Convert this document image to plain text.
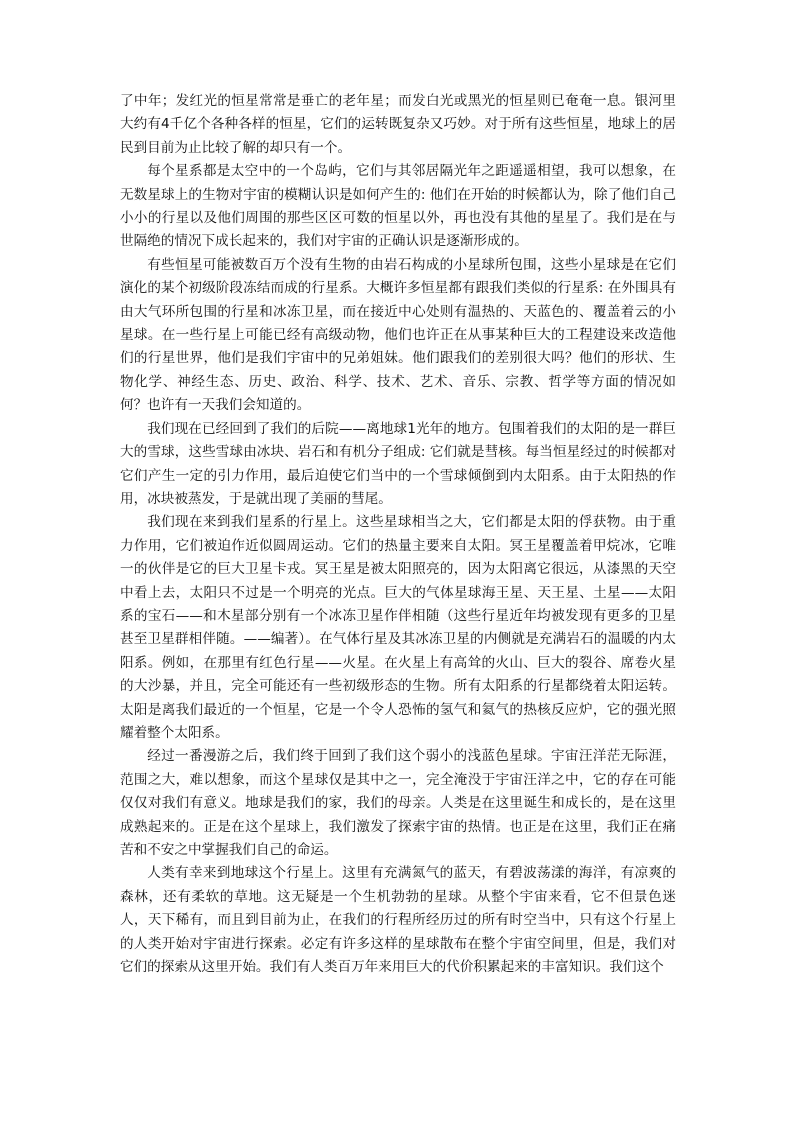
了中年；发红光的恒星常常是垂亡的老年星；而发白光或黑光的恒星则已奄奄一息。银河里大约有4千亿个各种各样的恒星，它们的运转既复杂又巧妙。对于所有这些恒星，地球上的居民到目前为止比较了解的却只有一个。

每个星系都是太空中的一个岛屿，它们与其邻居隔光年之距遥遥相望，我可以想象，在无数星球上的生物对宇宙的模糊认识是如何产生的: 他们在开始的时候都认为，除了他们自己小小的行星以及他们周围的那些区区可数的恒星以外，再也没有其他的星星了。我们是在与世隔绝的情况下成长起来的，我们对宇宙的正确认识是逐渐形成的。

有些恒星可能被数百万个没有生物的由岩石构成的小星球所包围，这些小星球是在它们演化的某个初级阶段冻结而成的行星系。大概许多恒星都有跟我们类似的行星系: 在外围具有由大气环所包围的行星和冰冻卫星，而在接近中心处则有温热的、天蓝色的、覆盖着云的小星球。在一些行星上可能已经有高级动物，他们也许正在从事某种巨大的工程建设来改造他们的行星世界，他们是我们宇宙中的兄弟姐妹。他们跟我们的差别很大吗？他们的形状、生物化学、神经生态、历史、政治、科学、技术、艺术、音乐、宗教、哲学等方面的情况如何？也许有一天我们会知道的。

我们现在已经回到了我们的后院——离地球1光年的地方。包围着我们的太阳的是一群巨大的雪球，这些雪球由冰块、岩石和有机分子组成: 它们就是彗核。每当恒星经过的时候都对它们产生一定的引力作用，最后迫使它们当中的一个雪球倾倒到内太阳系。由于太阳热的作用，冰块被蒸发，于是就出现了美丽的彗尾。

我们现在来到我们星系的行星上。这些星球相当之大，它们都是太阳的俘获物。由于重力作用，它们被迫作近似圆周运动。它们的热量主要来自太阳。冥王星覆盖着甲烷冰，它唯一的伙伴是它的巨大卫星卡戎。冥王星是被太阳照亮的，因为太阳离它很远，从漆黑的天空中看上去，太阳只不过是一个明亮的光点。巨大的气体星球海王星、天王星、土星——太阳系的宝石——和木星部分别有一个冰冻卫星作伴相随（这些行星近年均被发现有更多的卫星甚至卫星群相伴随。——编著）。在气体行星及其冰冻卫星的内侧就是充满岩石的温暖的内太阳系。例如，在那里有红色行星——火星。在火星上有高耸的火山、巨大的裂谷、席卷火星的大沙暴，并且，完全可能还有一些初级形态的生物。所有太阳系的行星都绕着太阳运转。太阳是离我们最近的一个恒星，它是一个令人恐怖的氢气和氦气的热核反应炉，它的强光照耀着整个太阳系。

经过一番漫游之后，我们终于回到了我们这个弱小的浅蓝色星球。宇宙汪洋茫无际涯，范围之大，难以想象，而这个星球仅是其中之一，完全淹没于宇宙汪洋之中，它的存在可能仅仅对我们有意义。地球是我们的家，我们的母亲。人类是在这里诞生和成长的，是在这里成熟起来的。正是在这个星球上，我们激发了探索宇宙的热情。也正是在这里，我们正在痛苦和不安之中掌握我们自己的命运。

人类有幸来到地球这个行星上。这里有充满氮气的蓝天，有碧波荡漾的海洋，有凉爽的森林，还有柔软的草地。这无疑是一个生机勃勃的星球。从整个宇宙来看，它不但景色迷人，天下稀有，而且到目前为止，在我们的行程所经历过的所有时空当中，只有这个行星上的人类开始对宇宙进行探索。必定有许多这样的星球散布在整个宇宙空间里，但是，我们对它们的探索从这里开始。我们有人类百万年来用巨大的代价积累起来的丰富知识。我们这个
